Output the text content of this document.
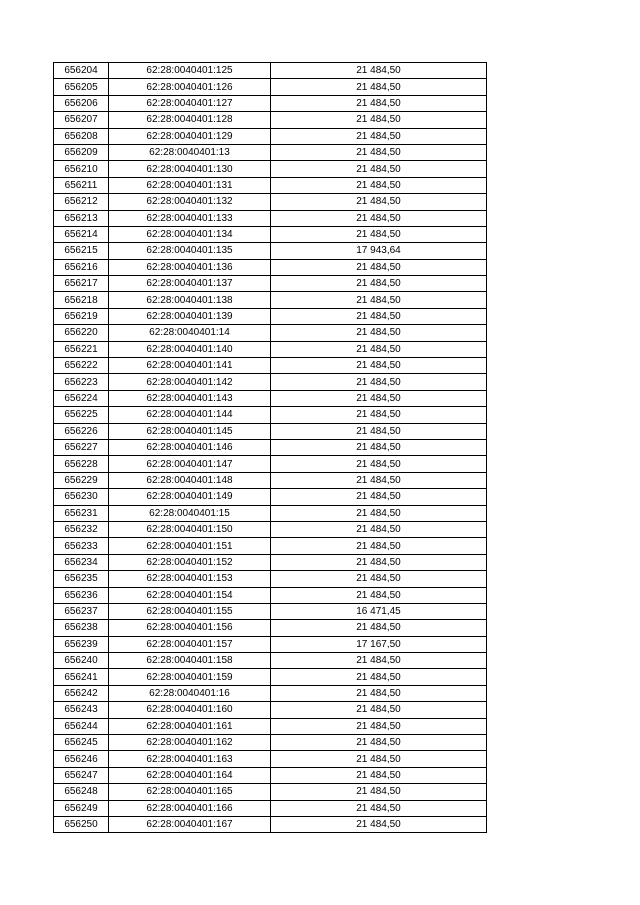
656204	62:28:0040401:125	21 484,50
656205	62:28:0040401:126	21 484,50
656206	62:28:0040401:127	21 484,50
656207	62:28:0040401:128	21 484,50
656208	62:28:0040401:129	21 484,50
656209	62:28:0040401:13	21 484,50
656210	62:28:0040401:130	21 484,50
656211	62:28:0040401:131	21 484,50
656212	62:28:0040401:132	21 484,50
656213	62:28:0040401:133	21 484,50
656214	62:28:0040401:134	21 484,50
656215	62:28:0040401:135	17 943,64
656216	62:28:0040401:136	21 484,50
656217	62:28:0040401:137	21 484,50
656218	62:28:0040401:138	21 484,50
656219	62:28:0040401:139	21 484,50
656220	62:28:0040401:14	21 484,50
656221	62:28:0040401:140	21 484,50
656222	62:28:0040401:141	21 484,50
656223	62:28:0040401:142	21 484,50
656224	62:28:0040401:143	21 484,50
656225	62:28:0040401:144	21 484,50
656226	62:28:0040401:145	21 484,50
656227	62:28:0040401:146	21 484,50
656228	62:28:0040401:147	21 484,50
656229	62:28:0040401:148	21 484,50
656230	62:28:0040401:149	21 484,50
656231	62:28:0040401:15	21 484,50
656232	62:28:0040401:150	21 484,50
656233	62:28:0040401:151	21 484,50
656234	62:28:0040401:152	21 484,50
656235	62:28:0040401:153	21 484,50
656236	62:28:0040401:154	21 484,50
656237	62:28:0040401:155	16 471,45
656238	62:28:0040401:156	21 484,50
656239	62:28:0040401:157	17 167,50
656240	62:28:0040401:158	21 484,50
656241	62:28:0040401:159	21 484,50
656242	62:28:0040401:16	21 484,50
656243	62:28:0040401:160	21 484,50
656244	62:28:0040401:161	21 484,50
656245	62:28:0040401:162	21 484,50
656246	62:28:0040401:163	21 484,50
656247	62:28:0040401:164	21 484,50
656248	62:28:0040401:165	21 484,50
656249	62:28:0040401:166	21 484,50
656250	62:28:0040401:167	21 484,50
